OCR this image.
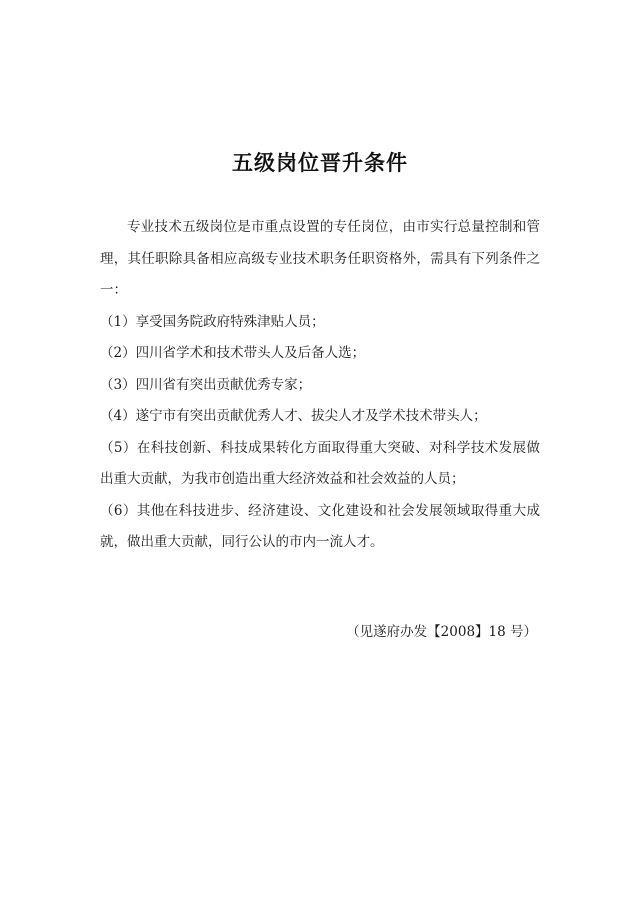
五级岗位晋升条件

专业技术五级岗位是市重点设置的专任岗位，由市实行总量控制和管理，其任职除具备相应高级专业技术职务任职资格外，需具有下列条件之一：

（1）享受国务院政府特殊津贴人员；

（2）四川省学术和技术带头人及后备人选；

（3）四川省有突出贡献优秀专家；

（4）遂宁市有突出贡献优秀人才、拔尖人才及学术技术带头人；

（5）在科技创新、科技成果转化方面取得重大突破、对科学技术发展做出重大贡献，为我市创造出重大经济效益和社会效益的人员；

（6）其他在科技进步、经济建设、文化建设和社会发展领域取得重大成就，做出重大贡献，同行公认的市内一流人才。

（见遂府办发【2008】18 号）
